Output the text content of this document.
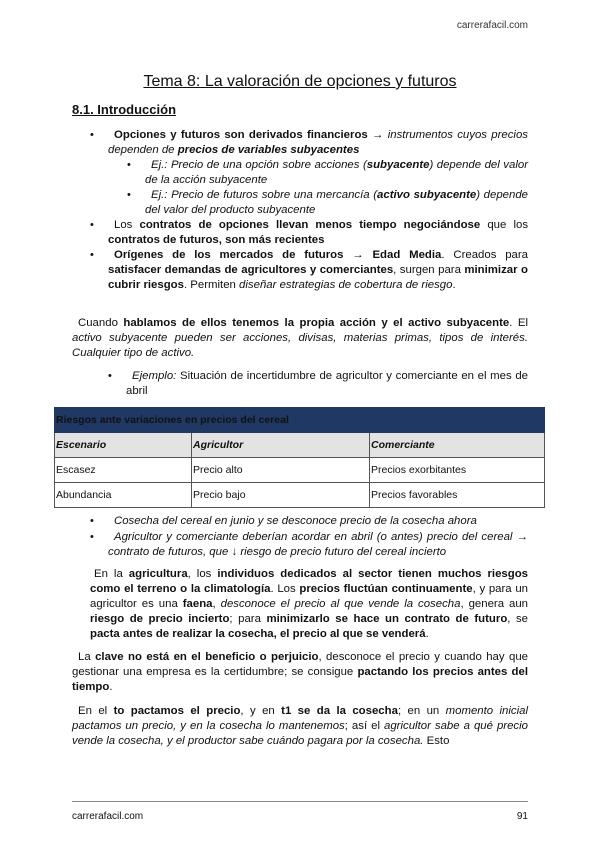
carrerafacil.com
Tema 8: La valoración de opciones y futuros
8.1. Introducción
•	Opciones y futuros son derivados financieros → instrumentos cuyos precios dependen de precios de variables subyacentes

•	Ej.: Precio de una opción sobre acciones (subyacente) depende del valor de la acción subyacente

•	Ej.: Precio de futuros sobre una mercancía (activo subyacente) depende del valor del producto subyacente

•	Los contratos de opciones llevan menos tiempo negociándose que los contratos de futuros, son más recientes

•	Orígenes de los mercados de futuros → Edad Media. Creados para satisfacer demandas de agricultores y comerciantes, surgen para minimizar o cubrir riesgos. Permiten diseñar estrategias de cobertura de riesgo.

Cuando hablamos de ellos tenemos la propia acción y el activo subyacente. El activo subyacente pueden ser acciones, divisas, materias primas, tipos de interés. Cualquier tipo de activo.

•	Ejemplo: Situación de incertidumbre de agricultor y comerciante en el mes de abril

Riesgos ante variaciones en precios del cereal		
Escenario	Agricultor	Comerciante
Escasez	Precio alto	Precios exorbitantes
Abundancia	Precio bajo	Precios favorables
•	Cosecha del cereal en junio y se desconoce precio de la cosecha ahora

•	Agricultor y comerciante deberían acordar en abril (o antes) precio del cereal → contrato de futuros, que ↓ riesgo de precio futuro del cereal incierto

En la agricultura, los individuos dedicados al sector tienen muchos riesgos como el terreno o la climatología. Los precios fluctúan continuamente, y para un agricultor es una faena, desconoce el precio al que vende la cosecha, genera aun riesgo de precio incierto; para minimizarlo se hace un contrato de futuro, se pacta antes de realizar la cosecha, el precio al que se venderá.

La clave no está en el beneficio o perjuicio, desconoce el precio y cuando hay que gestionar una empresa es la certidumbre; se consigue pactando los precios antes del tiempo.

En el to pactamos el precio, y en t1 se da la cosecha; en un momento inicial pactamos un precio, y en la cosecha lo mantenemos; así el agricultor sabe a qué precio vende la cosecha, y el productor sabe cuándo pagara por la cosecha. Esto

carrerafacil.com	91
